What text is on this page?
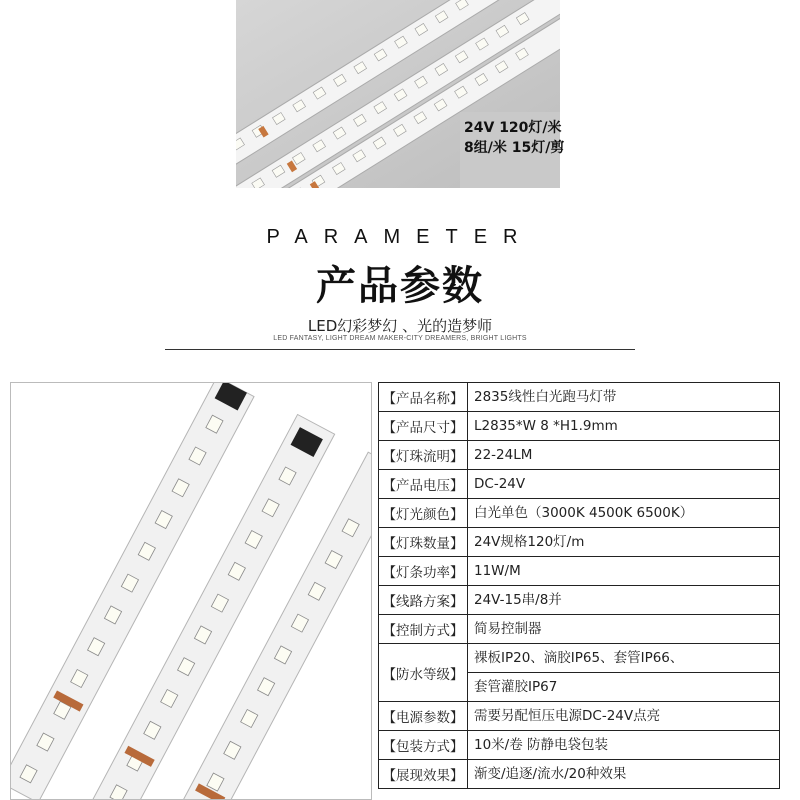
24V 120灯/米
8组/米 15灯/剪
PARAMETER
产品参数
LED幻彩梦幻 、光的造梦师
LED FANTASY, LIGHT DREAM MAKER-CITY DREAMERS, BRIGHT LIGHTS
【产品名称】	2835线性白光跑马灯带

【产品尺寸】	L2835*W 8 *H1.9mm

【灯珠流明】	22-24LM

【产品电压】	DC-24V

【灯光颜色】	白光单色（3000K 4500K 6500K）

【灯珠数量】	24V规格120灯/m

【灯条功率】	11W/M

【线路方案】	24V-15串/8并

【控制方式】	简易控制器

【防水等级】	裸板IP20、滴胶IP65、套管IP66、
套管灌胶IP67

【电源参数】	需要另配恒压电源DC-24V点亮

【包装方式】	10米/卷 防静电袋包装

【展现效果】	渐变/追逐/流水/20种效果
